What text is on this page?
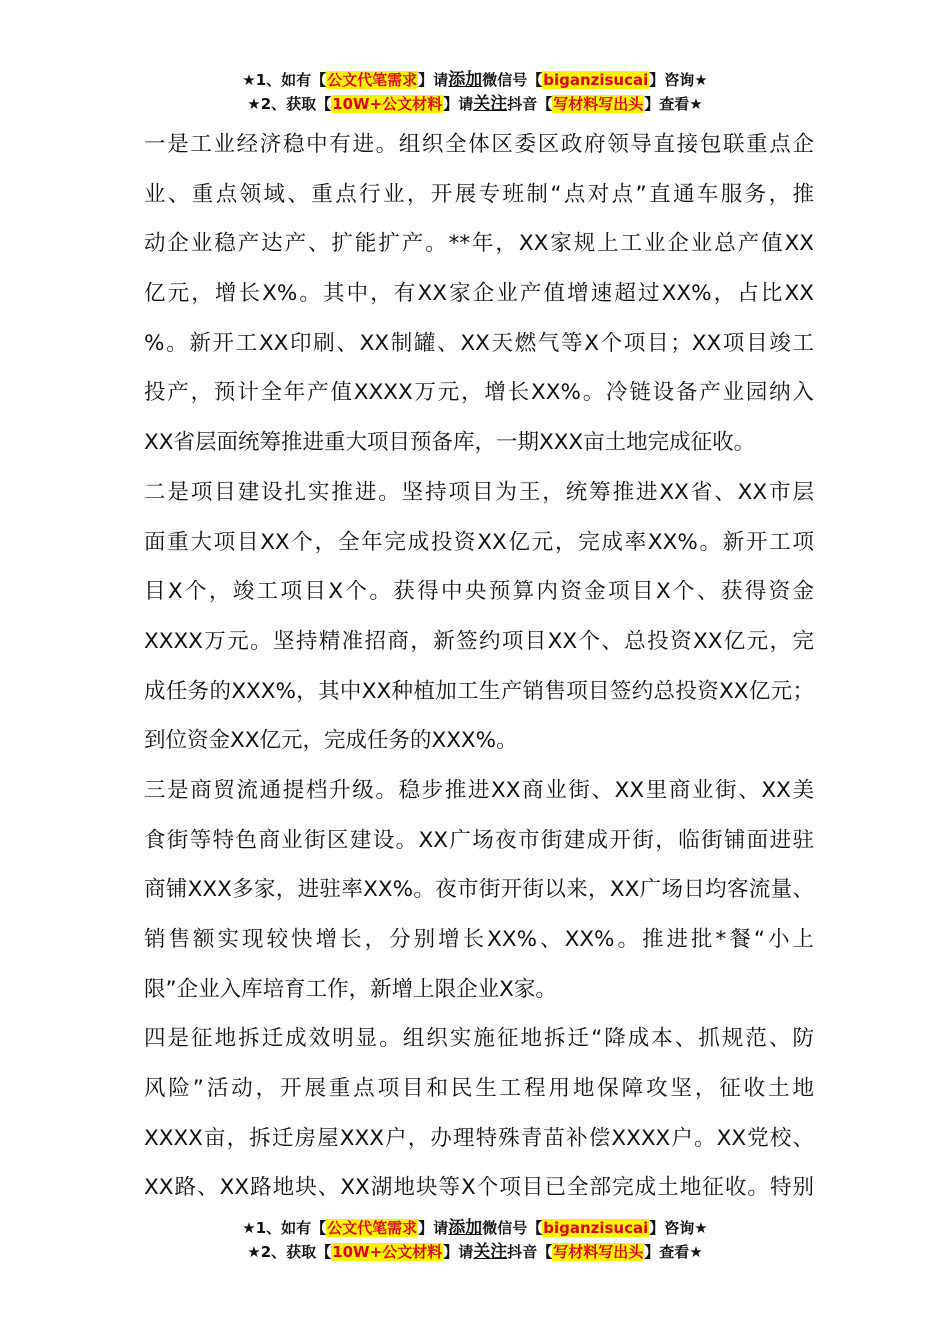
★1、如有【公文代笔需求】请添加微信号【biganzisucai】咨询★
★2、获取【10W+公文材料】请关注抖音【写材料写出头】查看★
一是工业经济稳中有进。组织全体区委区政府领导直接包联重点企
业、重点领域、重点行业，开展专班制“点对点”直通车服务，推
动企业稳产达产、扩能扩产。**年，XX家规上工业企业总产值XX
亿元，增长X%。其中，有XX家企业产值增速超过XX%，占比XX
%。新开工XX印刷、XX制罐、XX天燃气等X个项目；XX项目竣工
投产，预计全年产值XXXX万元，增长XX%。冷链设备产业园纳入
XX省层面统筹推进重大项目预备库，一期XXX亩土地完成征收。
二是项目建设扎实推进。坚持项目为王，统筹推进XX省、XX市层
面重大项目XX个，全年完成投资XX亿元，完成率XX%。新开工项
目X个，竣工项目X个。获得中央预算内资金项目X个、获得资金
XXXX万元。坚持精准招商，新签约项目XX个、总投资XX亿元，完
成任务的XXX%，其中XX种植加工生产销售项目签约总投资XX亿元；
到位资金XX亿元，完成任务的XXX%。
三是商贸流通提档升级。稳步推进XX商业街、XX里商业街、XX美
食街等特色商业街区建设。XX广场夜市街建成开街，临街铺面进驻
商铺XXX多家，进驻率XX%。夜市街开街以来，XX广场日均客流量、
销售额实现较快增长，分别增长XX%、XX%。推进批*餐“小上
限”企业入库培育工作，新增上限企业X家。
四是征地拆迁成效明显。组织实施征地拆迁“降成本、抓规范、防
风险”活动，开展重点项目和民生工程用地保障攻坚，征收土地
XXXX亩，拆迁房屋XXX户，办理特殊青苗补偿XXXX户。XX党校、
XX路、XX路地块、XX湖地块等X个项目已全部完成土地征收。特别
★1、如有【公文代笔需求】请添加微信号【biganzisucai】咨询★
★2、获取【10W+公文材料】请关注抖音【写材料写出头】查看★
